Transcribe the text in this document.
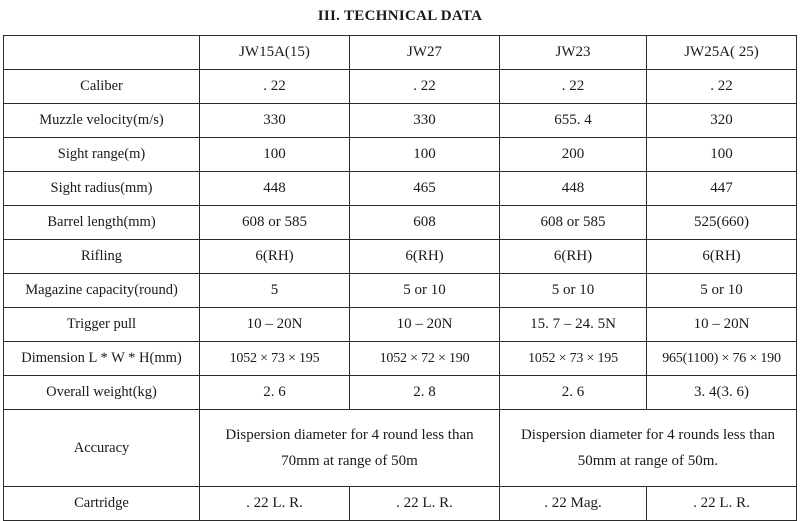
III. TECHNICAL DATA
	JW15A(15)	JW27	JW23	JW25A( 25)
Caliber	. 22	. 22	. 22	. 22
Muzzle velocity(m/s)	330	330	655. 4	320
Sight range(m)	100	100	200	100
Sight radius(mm)	448	465	448	447
Barrel length(mm)	608 or 585	608	608 or 585	525(660)
Rifling	6(RH)	6(RH)	6(RH)	6(RH)
Magazine capacity(round)	5	5 or 10	5 or 10	5 or 10
Trigger pull	10 – 20N	10 – 20N	15. 7 – 24. 5N	10 – 20N
Dimension L * W * H(mm)	1052 × 73 × 195	1052 × 72 × 190	1052 × 73 × 195	965(1100) × 76 × 190
Overall weight(kg)	2. 6	2. 8	2. 6	3. 4(3. 6)
Accuracy	Dispersion diameter for 4 round less than 70mm at range of 50m		Dispersion diameter for 4 rounds less than 50mm at range of 50m.	
Cartridge	. 22 L. R.	. 22 L. R.	. 22 Mag.	. 22 L. R.
